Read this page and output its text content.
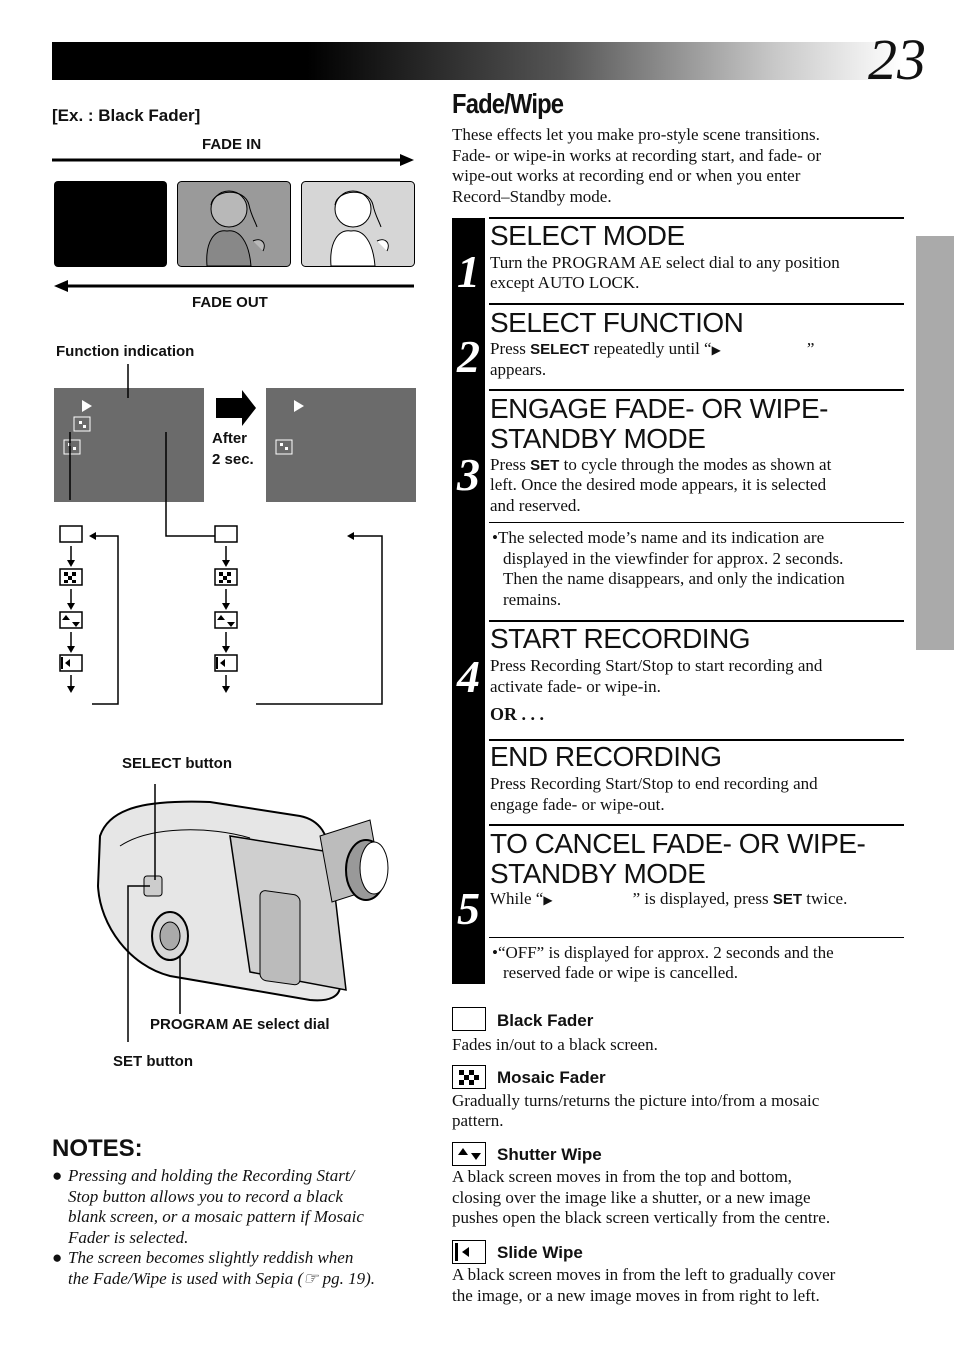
23
[Ex. : Black Fader]
FADE IN
FADE OUT
Function indication
After
2 sec.
SELECT button
PROGRAM AE select dial
SET button
NOTES:
● Pressing and holding the Recording Start/
Stop button allows you to record a black
blank screen, or a mosaic pattern if Mosaic
Fader is selected.
● The screen becomes slightly reddish when
the Fade/Wipe is used with Sepia (☞ pg. 19).
Fade/Wipe
These effects let you make pro-style scene transitions.
Fade- or wipe-in works at recording start, and fade- or
wipe-out works at recording end or when you enter
Record–Standby mode.
1
2
3
4
5
SELECT MODE
Turn the PROGRAM AE select dial to any position
except AUTO LOCK.
SELECT FUNCTION
Press SELECT repeatedly until “▶	”
appears.
ENGAGE FADE- OR WIPE-
STANDBY MODE
Press SET to cycle through the modes as shown at
left. Once the desired mode appears, it is selected
and reserved.
•The selected mode’s name and its indication are
displayed in the viewfinder for approx. 2 seconds.
Then the name disappears, and only the indication
remains.
START RECORDING
Press Recording Start/Stop to start recording and
activate fade- or wipe-in.
OR . . .
END RECORDING
Press Recording Start/Stop to end recording and
engage fade- or wipe-out.
TO CANCEL FADE- OR WIPE-
STANDBY MODE
While “▶	” is displayed, press SET twice.
•“OFF” is displayed for approx. 2 seconds and the
reserved fade or wipe is cancelled.
Black Fader
Fades in/out to a black screen.
Mosaic Fader
Gradually turns/returns the picture into/from a mosaic
pattern.
Shutter Wipe
A black screen moves in from the top and bottom,
closing over the image like a shutter, or a new image
pushes open the black screen vertically from the centre.
Slide Wipe
A black screen moves in from the left to gradually cover
the image, or a new image moves in from right to left.
